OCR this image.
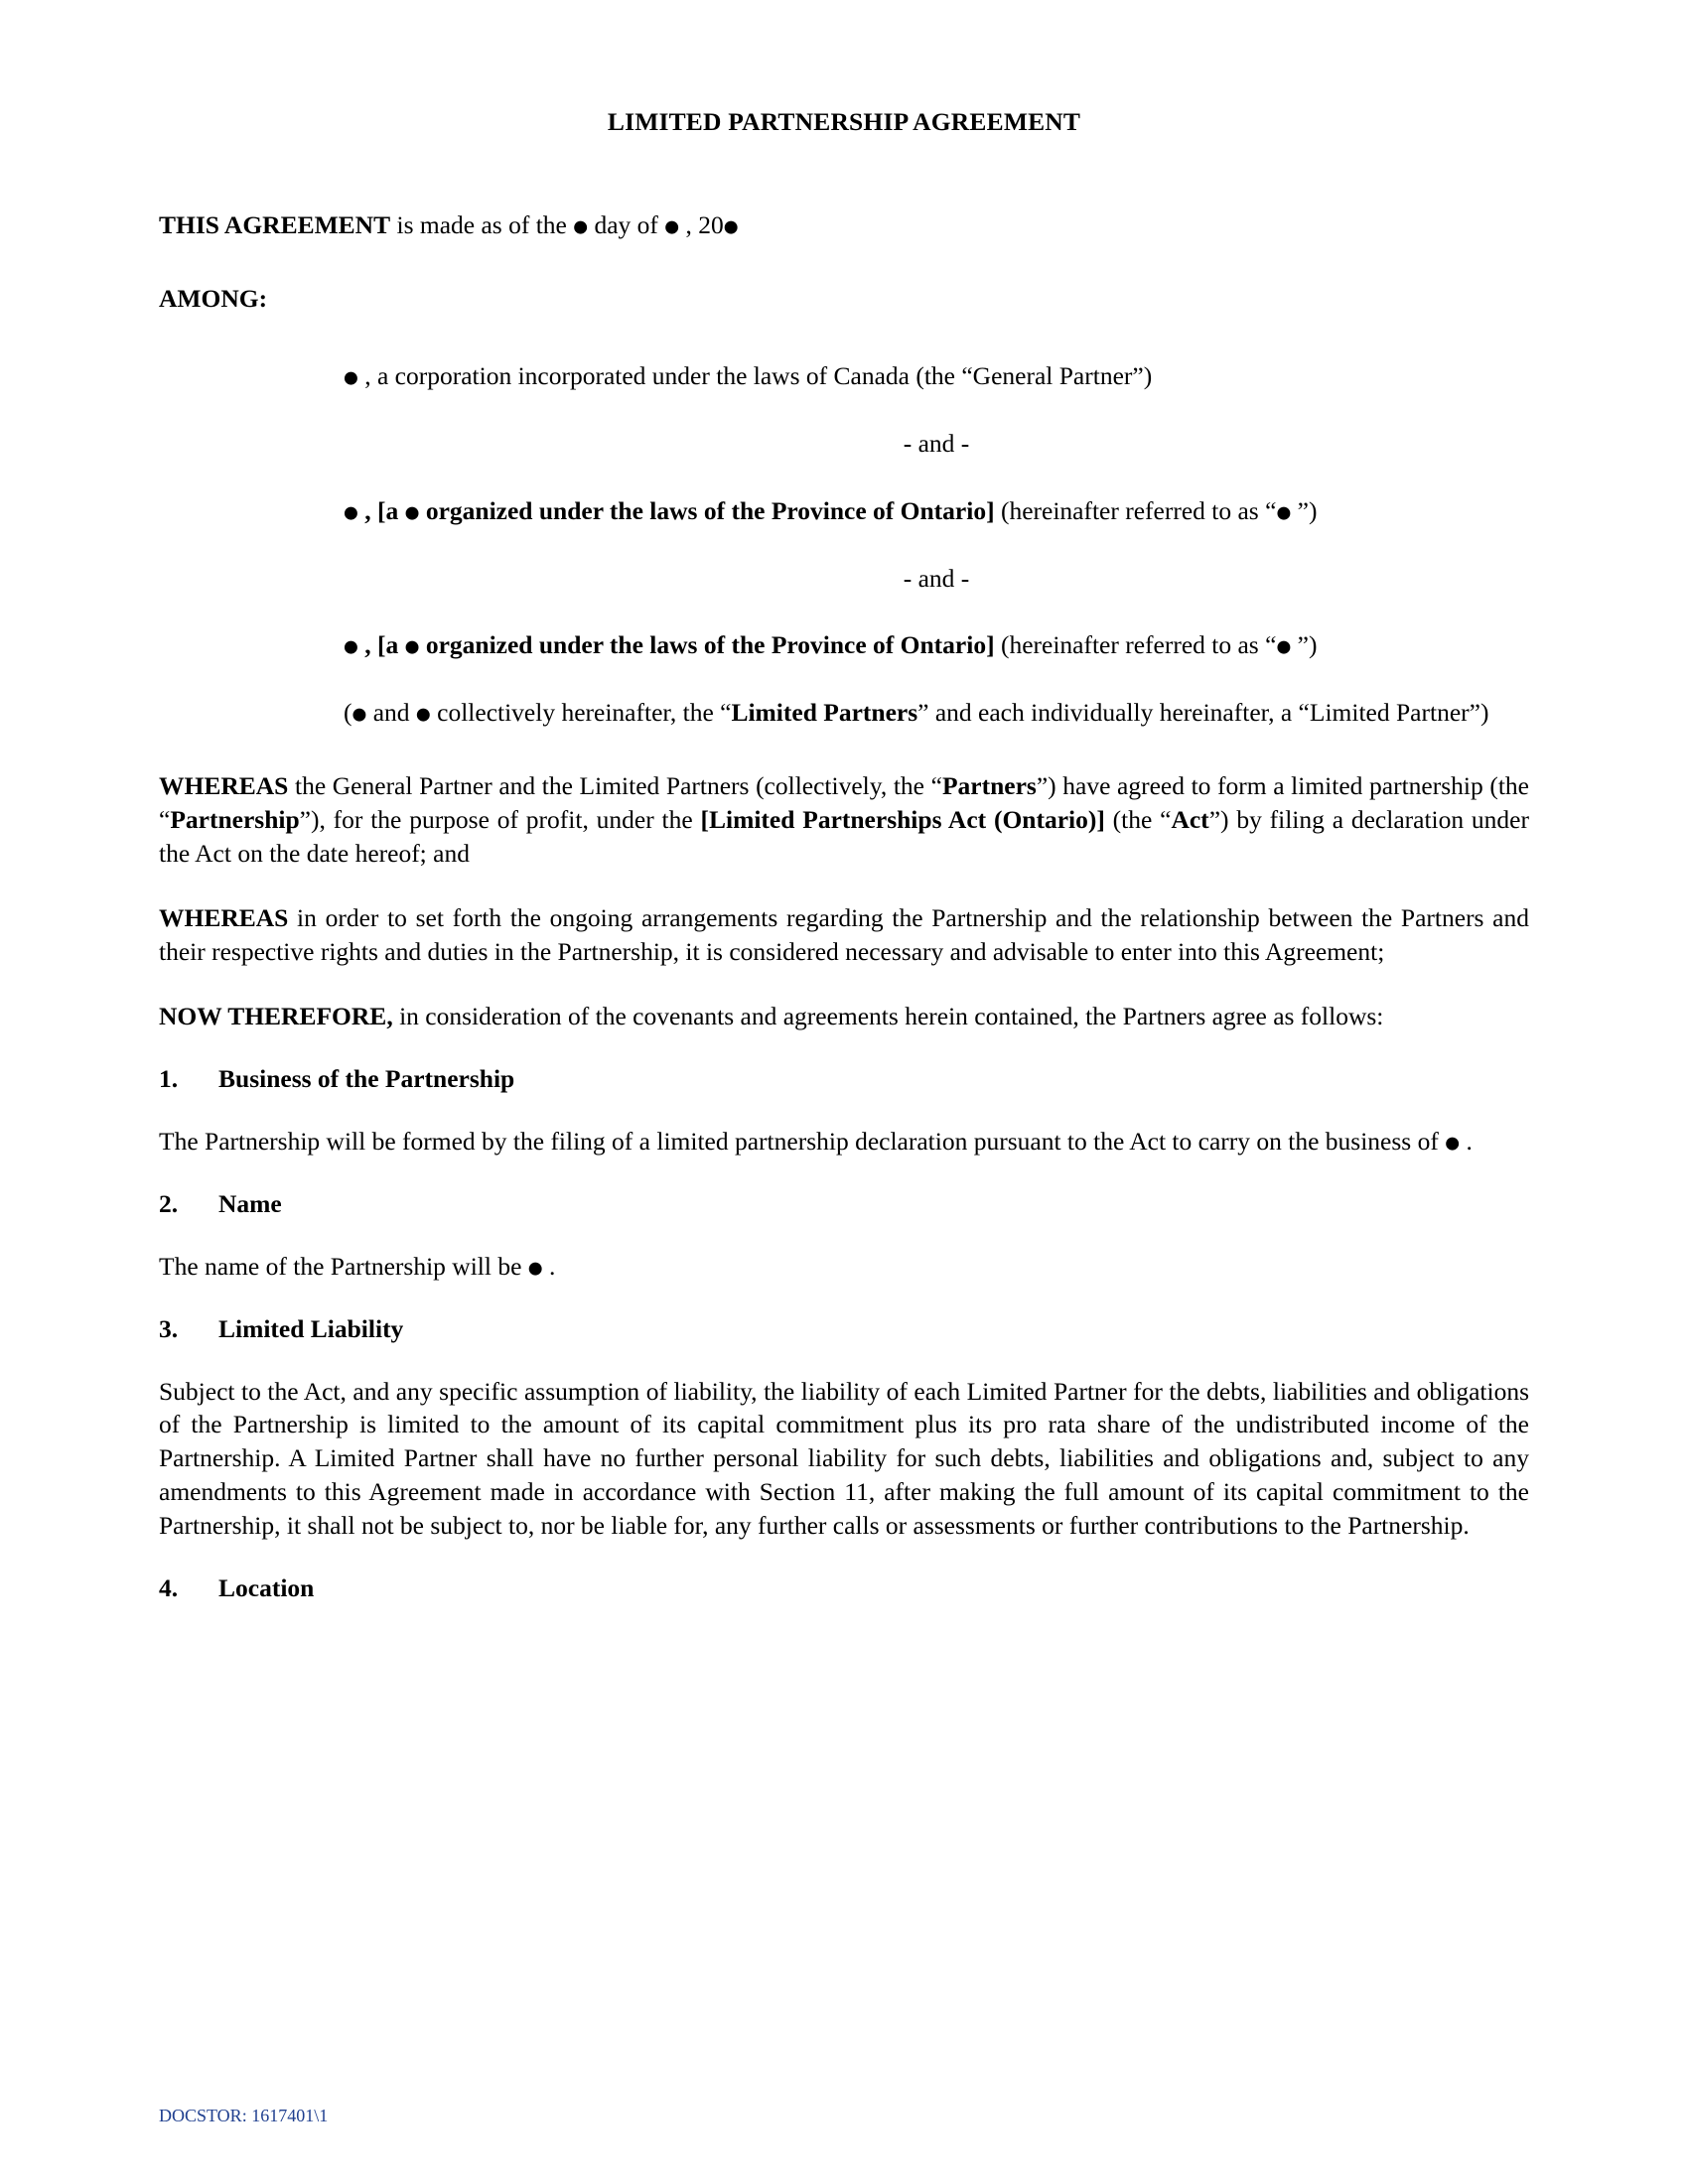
LIMITED PARTNERSHIP AGREEMENT

THIS AGREEMENT is made as of the ● day of ● , 20●

AMONG:

● , a corporation incorporated under the laws of Canada (the “General Partner”)

- and -

● , [a ● organized under the laws of the Province of Ontario] (hereinafter referred to as “● ”)

- and -

● , [a ● organized under the laws of the Province of Ontario] (hereinafter referred to as “● ”)

(● and ● collectively hereinafter, the “Limited Partners” and each individually hereinafter, a “Limited Partner”)

WHEREAS the General Partner and the Limited Partners (collectively, the “Partners”) have agreed to form a limited partnership (the “Partnership”), for the purpose of profit, under the [Limited Partnerships Act (Ontario)] (the “Act”) by filing a declaration under the Act on the date hereof; and

WHEREAS in order to set forth the ongoing arrangements regarding the Partnership and the relationship between the Partners and their respective rights and duties in the Partnership, it is considered necessary and advisable to enter into this Agreement;

NOW THEREFORE, in consideration of the covenants and agreements herein contained, the Partners agree as follows:

1.	Business of the Partnership

The Partnership will be formed by the filing of a limited partnership declaration pursuant to the Act to carry on the business of ● .

2.	Name

The name of the Partnership will be ● .

3.	Limited Liability

Subject to the Act, and any specific assumption of liability, the liability of each Limited Partner for the debts, liabilities and obligations of the Partnership is limited to the amount of its capital commitment plus its pro rata share of the undistributed income of the Partnership. A Limited Partner shall have no further personal liability for such debts, liabilities and obligations and, subject to any amendments to this Agreement made in accordance with Section 11, after making the full amount of its capital commitment to the Partnership, it shall not be subject to, nor be liable for, any further calls or assessments or further contributions to the Partnership.

4.	Location
DOCSTOR: 1617401\1
